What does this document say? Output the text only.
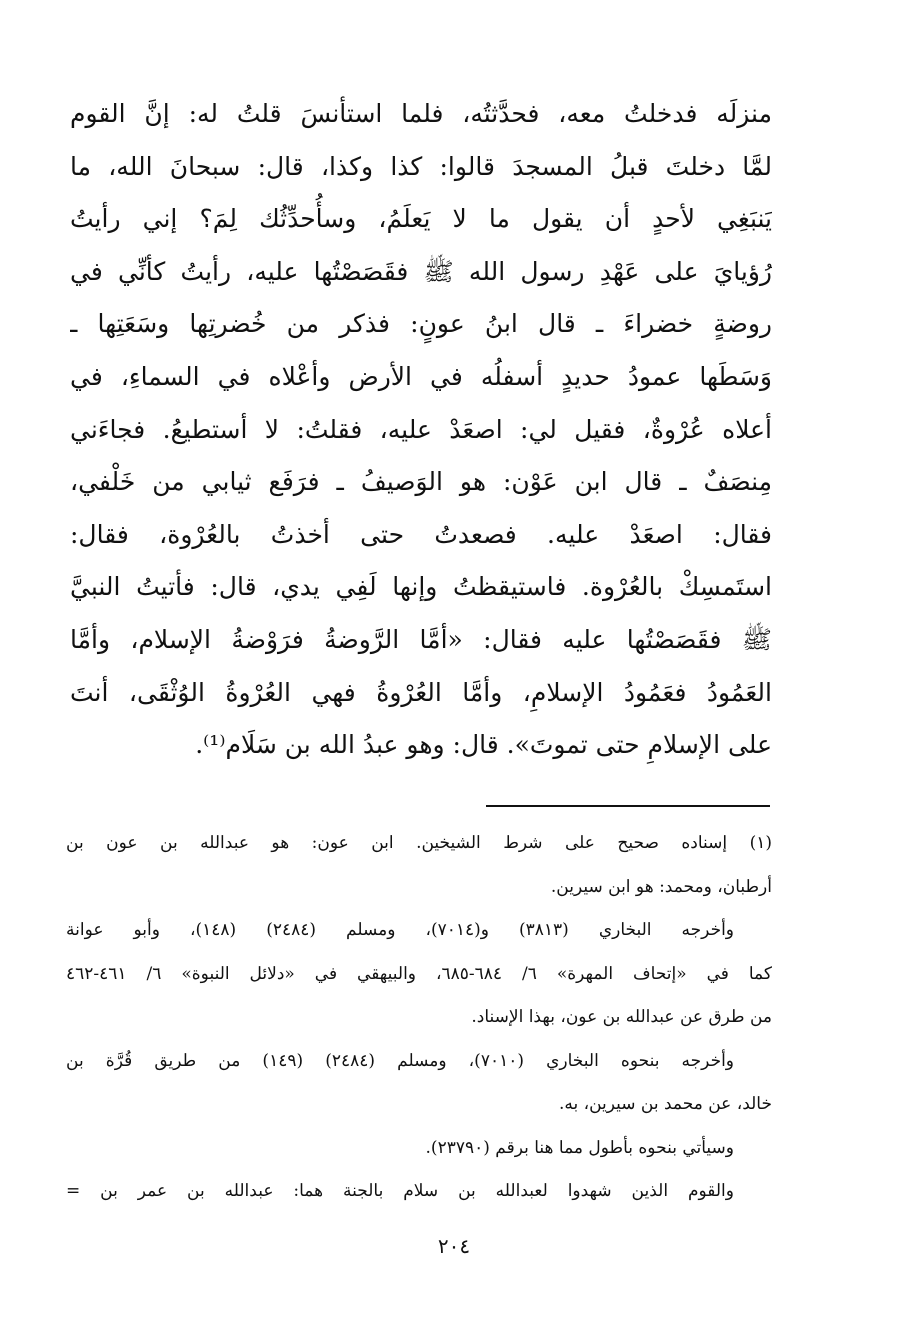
منزلَه فدخلتُ معه، فحدَّثتُه، فلما استأنسَ قلتُ له: إنَّ القوم
لمَّا دخلتَ قبلُ المسجدَ قالوا: كذا وكذا، قال: سبحانَ الله، ما
يَنبَغِي لأحدٍ أن يقول ما لا يَعلَمُ، وسأُحدِّثُك لِمَ؟ إني رأيتُ
رُؤيايَ على عَهْدِ رسول الله ﷺ فقَصَصْتُها عليه، رأيتُ كأنِّي في
روضةٍ خضراءَ ـ قال ابنُ عونٍ: فذكر من خُضرتِها وسَعَتِها ـ
وَسَطَها عمودُ حديدٍ أسفلُه في الأرض وأعْلاه في السماءِ، في
أعلاه عُرْوةٌ، فقيل لي: اصعَدْ عليه، فقلتُ: لا أستطيعُ. فجاءَني
مِنصَفٌ ـ قال ابن عَوْن: هو الوَصيفُ ـ فرَفَع ثيابي من خَلْفي،
فقال: اصعَدْ عليه. فصعدتُ حتى أخذتُ بالعُرْوة، فقال:
استَمسِكْ بالعُرْوة. فاستيقظتُ وإنها لَفِي يدي، قال: فأتيتُ النبيَّ
ﷺ فقَصَصْتُها عليه فقال: «أمَّا الرَّوضةُ فرَوْضةُ الإسلام، وأمَّا
العَمُودُ فعَمُودُ الإسلامِ، وأمَّا العُرْوةُ فهي العُرْوةُ الوُثْقَى، أنتَ
على الإسلامِ حتى تموتَ». قال: وهو عبدُ الله بن سَلَام⁽¹⁾.
(١) إسناده صحيح على شرط الشيخين. ابن عون: هو عبدالله بن عون بن
أرطبان، ومحمد: هو ابن سيرين.
وأخرجه البخاري (٣٨١٣) و(٧٠١٤)، ومسلم (٢٤٨٤) (١٤٨)، وأبو عوانة
كما في «إتحاف المهرة» ٦/ ٦٨٤-٦٨٥، والبيهقي في «دلائل النبوة» ٦/ ٤٦١-٤٦٢
من طرق عن عبدالله بن عون، بهذا الإسناد.
وأخرجه بنحوه البخاري (٧٠١٠)، ومسلم (٢٤٨٤) (١٤٩) من طريق قُرَّة بن
خالد، عن محمد بن سيرين، به.
وسيأتي بنحوه بأطول مما هنا برقم (٢٣٧٩٠).
والقوم الذين شهدوا لعبدالله بن سلام بالجنة هما: عبدالله بن عمر بن =
٢٠٤
